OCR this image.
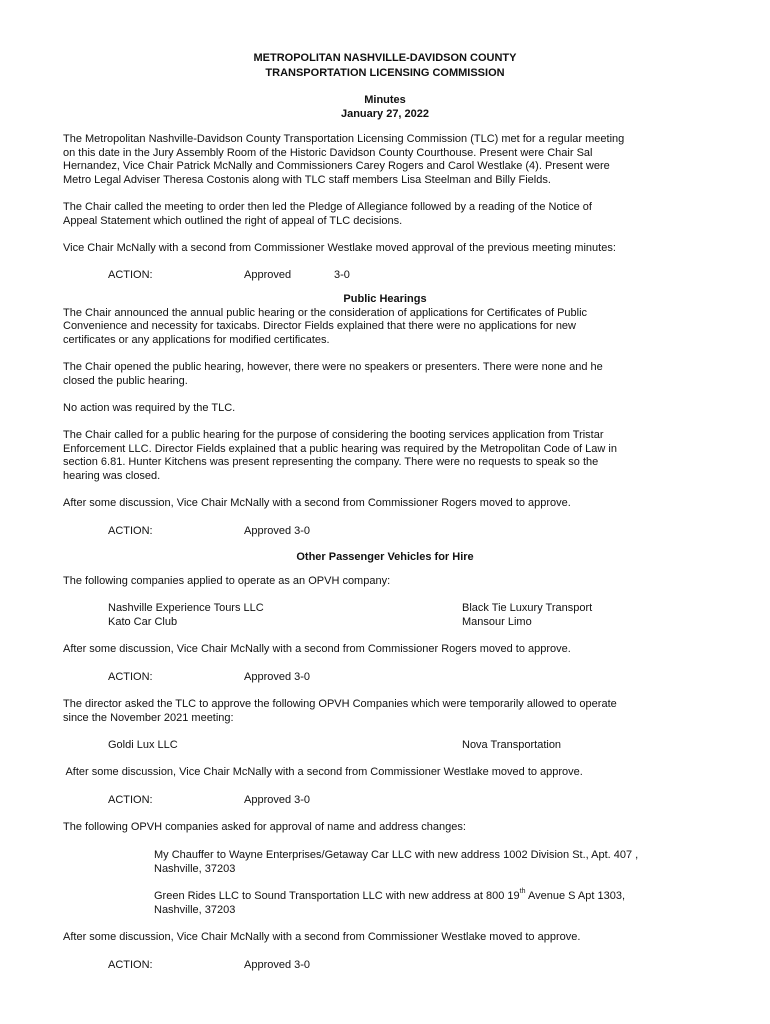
METROPOLITAN NASHVILLE-DAVIDSON COUNTY
TRANSPORTATION LICENSING COMMISSION
Minutes
January 27, 2022
The Metropolitan Nashville-Davidson County Transportation Licensing Commission (TLC) met for a regular meeting
on this date in the Jury Assembly Room of the Historic Davidson County Courthouse. Present were Chair Sal
Hernandez, Vice Chair Patrick McNally and Commissioners Carey Rogers and Carol Westlake (4). Present were
Metro Legal Adviser Theresa Costonis along with TLC staff members Lisa Steelman and Billy Fields.
The Chair called the meeting to order then led the Pledge of Allegiance followed by a reading of the Notice of
Appeal Statement which outlined the right of appeal of TLC decisions.
Vice Chair McNally with a second from Commissioner Westlake moved approval of the previous meeting minutes:
ACTION:	Approved	3-0
Public Hearings
The Chair announced the annual public hearing or the consideration of applications for Certificates of Public
Convenience and necessity for taxicabs. Director Fields explained that there were no applications for new
certificates or any applications for modified certificates.
The Chair opened the public hearing, however, there were no speakers or presenters. There were none and he
closed the public hearing.
No action was required by the TLC.
The Chair called for a public hearing for the purpose of considering the booting services application from Tristar
Enforcement LLC. Director Fields explained that a public hearing was required by the Metropolitan Code of Law in
section 6.81. Hunter Kitchens was present representing the company. There were no requests to speak so the
hearing was closed.
After some discussion, Vice Chair McNally with a second from Commissioner Rogers moved to approve.
ACTION:	Approved 3-0
Other Passenger Vehicles for Hire
The following companies applied to operate as an OPVH company:
Nashville Experience Tours LLC	Black Tie Luxury Transport
Kato Car Club	Mansour Limo
After some discussion, Vice Chair McNally with a second from Commissioner Rogers moved to approve.
ACTION:	Approved 3-0
The director asked the TLC to approve the following OPVH Companies which were temporarily allowed to operate
since the November 2021 meeting:
Goldi Lux LLC	Nova Transportation
After some discussion, Vice Chair McNally with a second from Commissioner Westlake moved to approve.
ACTION:	Approved 3-0
The following OPVH companies asked for approval of name and address changes:
My Chauffer to Wayne Enterprises/Getaway Car LLC with new address 1002 Division St., Apt. 407 ,
Nashville, 37203
Green Rides LLC to Sound Transportation LLC with new address at 800 19th Avenue S Apt 1303,
Nashville, 37203
After some discussion, Vice Chair McNally with a second from Commissioner Westlake moved to approve.
ACTION:	Approved 3-0
